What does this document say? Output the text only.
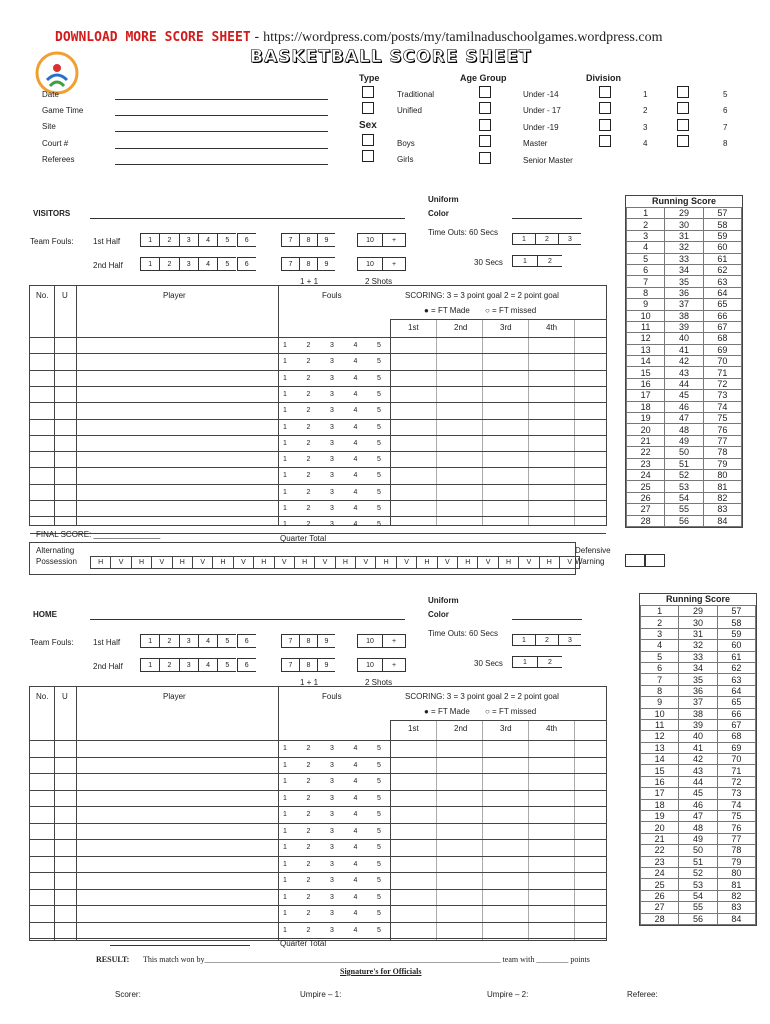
DOWNLOAD MORE SCORE SHEET - https://wordpress.com/posts/my/tamilnaduschoolgames.wordpress.com
BASKETBALL SCORE SHEET
Date
Game Time
Site
Court #
Referees
Type
Traditional
Unified
Sex
Boys
Girls
Age Group
Under -14
Under - 17
Under -19
Master
Senior Master
Division
1	5
2	6
3	7
4	8
VISITORS
Uniform
Color
Team Fouls: 1st Half	1 2 3 4 5 6	7 8 9	10	+
2nd Half	1 2 3 4 5 6	7 8 9	10	+
1 + 1	2 Shots
Time Outs: 60 Secs
1	2	3
30 Secs	1	2
No. U	Player	Fouls	SCORING: 3 = 3 point goal 2 = 2 point goal
● = FT Made ○ = FT missed
1st	2nd	3rd	4th
1	2	3	4	5
1	2	3	4	5
1	2	3	4	5
1	2	3	4	5
1	2	3	4	5
1	2	3	4	5
1	2	3	4	5
1	2	3	4	5
1	2	3	4	5
1	2	3	4	5
1	2	3	4	5
1	2	3	4	5
Quarter Total
HOME
Uniform
Color
Team Fouls: 1st Half	1 2 3 4 5 6	7 8 9	10	+
2nd Half	1 2 3 4 5 6	7 8 9	10	+
1 + 1	2 Shots
Time Outs: 60 Secs
1	2	3
30 Secs	1	2
No. U	Player	Fouls	SCORING: 3 = 3 point goal 2 = 2 point goal
● = FT Made ○ = FT missed
1st	2nd	3rd	4th
1	2	3	4	5
1	2	3	4	5
1	2	3	4	5
1	2	3	4	5
1	2	3	4	5
1	2	3	4	5
1	2	3	4	5
1	2	3	4	5
1	2	3	4	5
1	2	3	4	5
1	2	3	4	5
1	2	3	4	5
Quarter Total
FINAL SCORE: _______________
Alternating
Possession	H	V	H	V	H	V	H	V	H	V	H	V	H	V	H	V	H	V	H	V	H	V	H	V
Defensive
Warning
RESULT: This match won by__________________________________________________________________________ team with ________ points
Signature's for Officials
Scorer:	Umpire – 1:	Umpire – 2:	Referee:
Running Score
1	29	57
2	30	58
3	31	59
4	32	60
5	33	61
6	34	62
7	35	63
8	36	64
9	37	65
10	38	66
11	39	67
12	40	68
13	41	69
14	42	70
15	43	71
16	44	72
17	45	73
18	46	74
19	47	75
20	48	76
21	49	77
22	50	78
23	51	79
24	52	80
25	53	81
26	54	82
27	55	83
28	56	84
Running Score
1	29	57
2	30	58
3	31	59
4	32	60
5	33	61
6	34	62
7	35	63
8	36	64
9	37	65
10	38	66
11	39	67
12	40	68
13	41	69
14	42	70
15	43	71
16	44	72
17	45	73
18	46	74
19	47	75
20	48	76
21	49	77
22	50	78
23	51	79
24	52	80
25	53	81
26	54	82
27	55	83
28	56	84
